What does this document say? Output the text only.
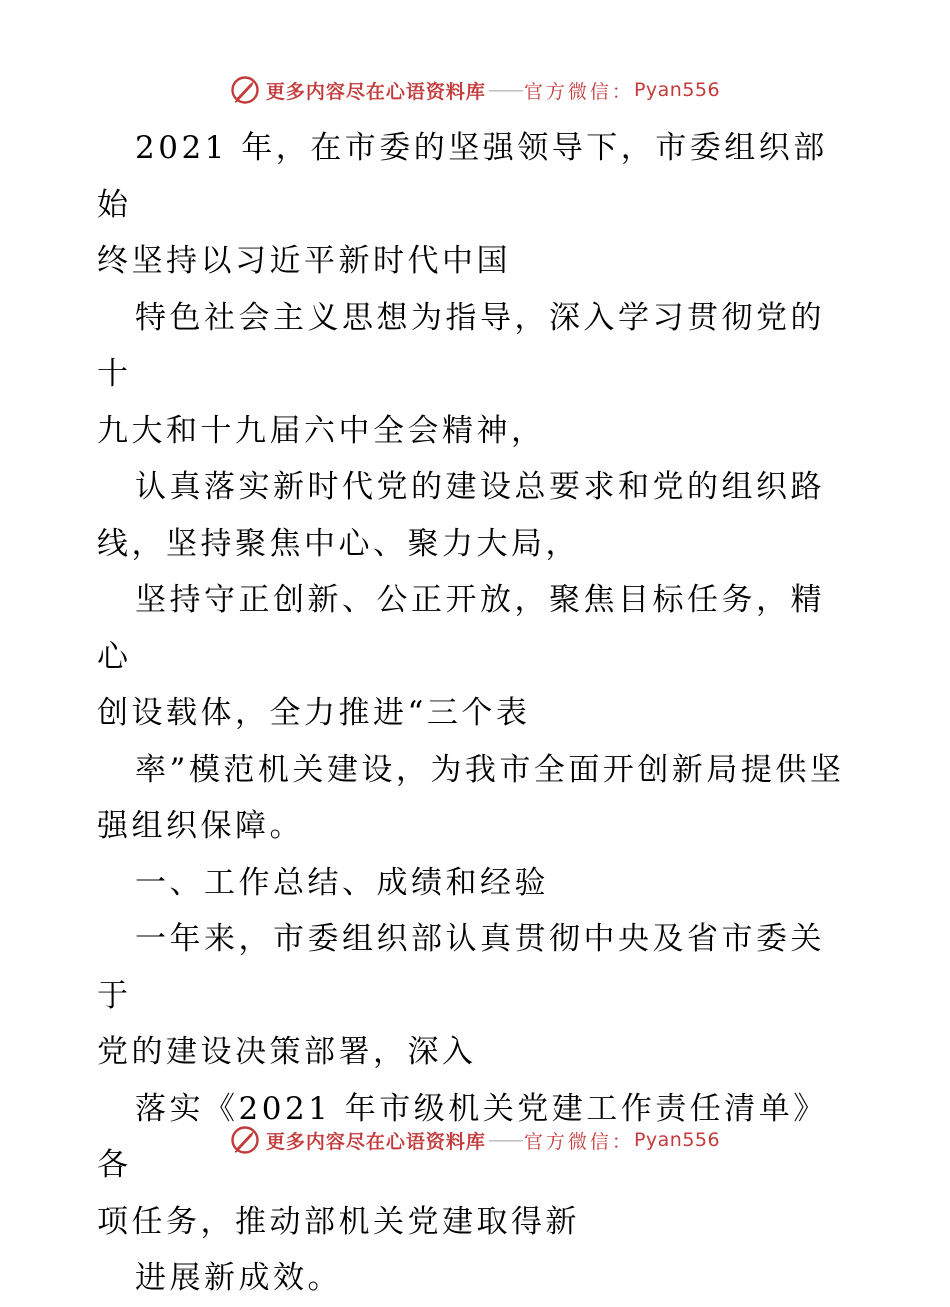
更多内容尽在心语资料库 —— 官方微信： Pyan556

2021 年，在市委的坚强领导下，市委组织部始
终坚持以习近平新时代中国

特色社会主义思想为指导，深入学习贯彻党的十
九大和十九届六中全会精神，

认真落实新时代党的建设总要求和党的组织路
线，坚持聚焦中心、聚力大局，

坚持守正创新、公正开放，聚焦目标任务，精心
创设载体，全力推进“三个表

率”模范机关建设，为我市全面开创新局提供坚
强组织保障。

一、工作总结、成绩和经验

一年来，市委组织部认真贯彻中央及省市委关于
党的建设决策部署，深入

落实《2021 年市级机关党建工作责任清单》各
项任务，推动部机关党建取得新

进展新成效。

更多内容尽在心语资料库 —— 官方微信： Pyan556
